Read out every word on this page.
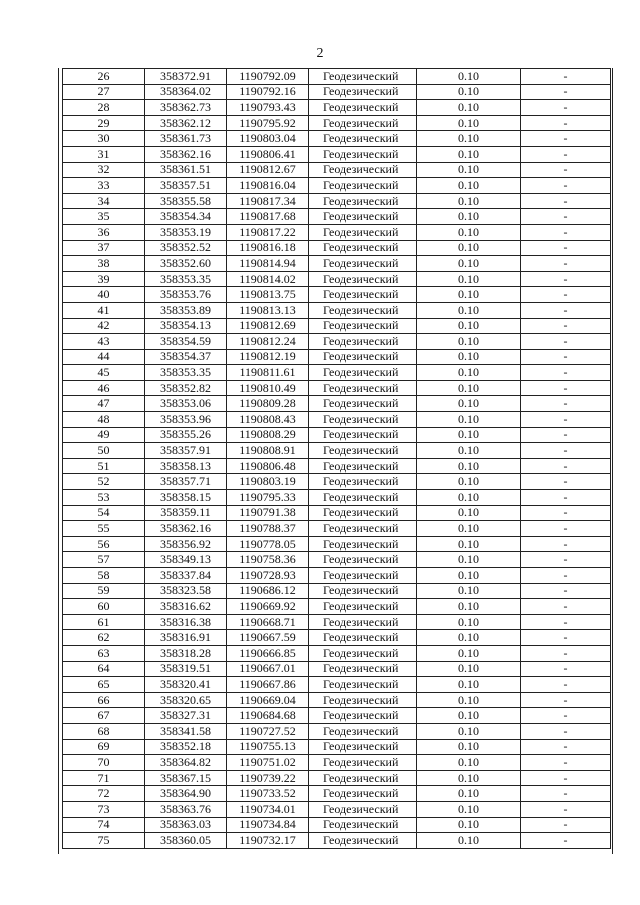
2
26	358372.91	1190792.09	Геодезический	0.10	-
27	358364.02	1190792.16	Геодезический	0.10	-
28	358362.73	1190793.43	Геодезический	0.10	-
29	358362.12	1190795.92	Геодезический	0.10	-
30	358361.73	1190803.04	Геодезический	0.10	-
31	358362.16	1190806.41	Геодезический	0.10	-
32	358361.51	1190812.67	Геодезический	0.10	-
33	358357.51	1190816.04	Геодезический	0.10	-
34	358355.58	1190817.34	Геодезический	0.10	-
35	358354.34	1190817.68	Геодезический	0.10	-
36	358353.19	1190817.22	Геодезический	0.10	-
37	358352.52	1190816.18	Геодезический	0.10	-
38	358352.60	1190814.94	Геодезический	0.10	-
39	358353.35	1190814.02	Геодезический	0.10	-
40	358353.76	1190813.75	Геодезический	0.10	-
41	358353.89	1190813.13	Геодезический	0.10	-
42	358354.13	1190812.69	Геодезический	0.10	-
43	358354.59	1190812.24	Геодезический	0.10	-
44	358354.37	1190812.19	Геодезический	0.10	-
45	358353.35	1190811.61	Геодезический	0.10	-
46	358352.82	1190810.49	Геодезический	0.10	-
47	358353.06	1190809.28	Геодезический	0.10	-
48	358353.96	1190808.43	Геодезический	0.10	-
49	358355.26	1190808.29	Геодезический	0.10	-
50	358357.91	1190808.91	Геодезический	0.10	-
51	358358.13	1190806.48	Геодезический	0.10	-
52	358357.71	1190803.19	Геодезический	0.10	-
53	358358.15	1190795.33	Геодезический	0.10	-
54	358359.11	1190791.38	Геодезический	0.10	-
55	358362.16	1190788.37	Геодезический	0.10	-
56	358356.92	1190778.05	Геодезический	0.10	-
57	358349.13	1190758.36	Геодезический	0.10	-
58	358337.84	1190728.93	Геодезический	0.10	-
59	358323.58	1190686.12	Геодезический	0.10	-
60	358316.62	1190669.92	Геодезический	0.10	-
61	358316.38	1190668.71	Геодезический	0.10	-
62	358316.91	1190667.59	Геодезический	0.10	-
63	358318.28	1190666.85	Геодезический	0.10	-
64	358319.51	1190667.01	Геодезический	0.10	-
65	358320.41	1190667.86	Геодезический	0.10	-
66	358320.65	1190669.04	Геодезический	0.10	-
67	358327.31	1190684.68	Геодезический	0.10	-
68	358341.58	1190727.52	Геодезический	0.10	-
69	358352.18	1190755.13	Геодезический	0.10	-
70	358364.82	1190751.02	Геодезический	0.10	-
71	358367.15	1190739.22	Геодезический	0.10	-
72	358364.90	1190733.52	Геодезический	0.10	-
73	358363.76	1190734.01	Геодезический	0.10	-
74	358363.03	1190734.84	Геодезический	0.10	-
75	358360.05	1190732.17	Геодезический	0.10	-
